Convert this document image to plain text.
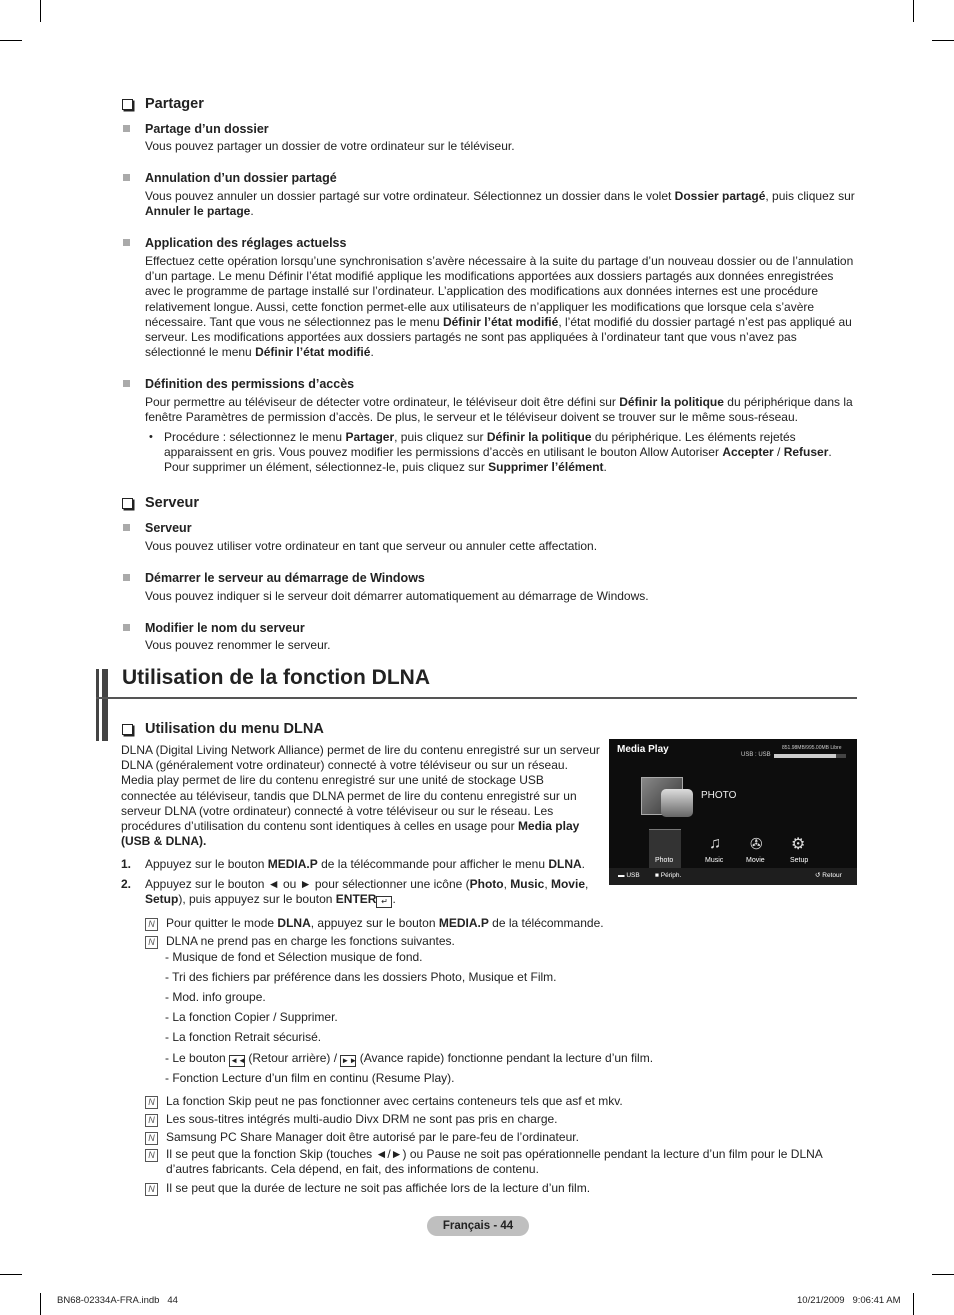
Partager
Partage d’un dossier
Vous pouvez partager un dossier de votre ordinateur sur le téléviseur.
Annulation d’un dossier partagé
Vous pouvez annuler un dossier partagé sur votre ordinateur. Sélectionnez un dossier dans le volet Dossier partagé, puis cliquez sur Annuler le partage.
Application des réglages actuelss
Effectuez cette opération lorsqu’une synchronisation s’avère nécessaire à la suite du partage d’un nouveau dossier ou de l’annulation d’un partage. Le menu Définir l’état modifié applique les modifications apportées aux dossiers partagés aux données enregistrées avec le programme de partage installé sur l’ordinateur. L’application des modifications aux données internes est une procédure relativement longue. Aussi, cette fonction permet-elle aux utilisateurs de n’appliquer les modifications que lorsque cela s’avère nécessaire. Tant que vous ne sélectionnez pas le menu Définir l’état modifié, l’état modifié du dossier partagé n’est pas appliqué au serveur. Les modifications apportées aux dossiers partagés ne sont pas appliquées à l’ordinateur tant que vous n’avez pas sélectionné le menu Définir l’état modifié.
Définition des permissions d’accès
Pour permettre au téléviseur de détecter votre ordinateur, le téléviseur doit être défini sur Définir la politique du périphérique dans la fenêtre Paramètres de permission d’accès. De plus, le serveur et le téléviseur doivent se trouver sur le même sous-réseau.
• Procédure : sélectionnez le menu Partager, puis cliquez sur Définir la politique du périphérique. Les éléments rejetés apparaissent en gris. Vous pouvez modifier les permissions d’accès en utilisant le bouton Allow Autoriser Accepter / Refuser. Pour supprimer un élément, sélectionnez-le, puis cliquez sur Supprimer l’élément.
Serveur
Serveur
Vous pouvez utiliser votre ordinateur en tant que serveur ou annuler cette affectation.
Démarrer le serveur au démarrage de Windows
Vous pouvez indiquer si le serveur doit démarrer automatiquement au démarrage de Windows.
Modifier le nom du serveur
Vous pouvez renommer le serveur.
Utilisation de la fonction DLNA
Utilisation du menu DLNA
DLNA (Digital Living Network Alliance) permet de lire du contenu enregistré sur un serveur DLNA (généralement votre ordinateur) connecté à votre téléviseur ou sur un réseau. Media play permet de lire du contenu enregistré sur une unité de stockage USB connectée au téléviseur, tandis que DLNA permet de lire du contenu enregistré sur un serveur DLNA (votre ordinateur) connecté à votre téléviseur ou sur le réseau. Les procédures d’utilisation du contenu sont identiques à celles en usage pour Media play (USB & DLNA).
1. Appuyez sur le bouton MEDIA.P de la télécommande pour afficher le menu DLNA.
2.	Appuyez sur le bouton ◄ ou ► pour sélectionner une icône (Photo, Music, Movie, Setup), puis appuyez sur le bouton ENTER ↵ .
Media Play	USB : USB
851.98MB/995.00MB Libre
PHOTO
♫ ✇ ⚙
Photo	Music	Movie	Setup
▬ USB ■ Périph.	↺ Retour
N Pour quitter le mode DLNA, appuyez sur le bouton MEDIA.P de la télécommande.
N DLNA ne prend pas en charge les fonctions suivantes.
- Musique de fond et Sélection musique de fond.
- Tri des fichiers par préférence dans les dossiers Photo, Musique et Film.
- Mod. info groupe.
- La fonction Copier / Supprimer.
- La fonction Retrait sécurisé.
- Le bouton ◄◄ (Retour arrière) / ►► (Avance rapide) fonctionne pendant la lecture d’un film.
- Fonction Lecture d’un film en continu (Resume Play).
N La fonction Skip peut ne pas fonctionner avec certains conteneurs tels que asf et mkv.
N Les sous-titres intégrés multi-audio Divx DRM ne sont pas pris en charge.
N Samsung PC Share Manager doit être autorisé par le pare-feu de l’ordinateur.
N Il se peut que la fonction Skip (touches ◄/►) ou Pause ne soit pas opérationnelle pendant la lecture d’un film pour le DLNA d’autres fabricants. Cela dépend, en fait, des informations de contenu.
N Il se peut que la durée de lecture ne soit pas affichée lors de la lecture d’un film.
Français - 44
BN68-02334A-FRA.indb   44	10/21/2009   9:06:41 AM
